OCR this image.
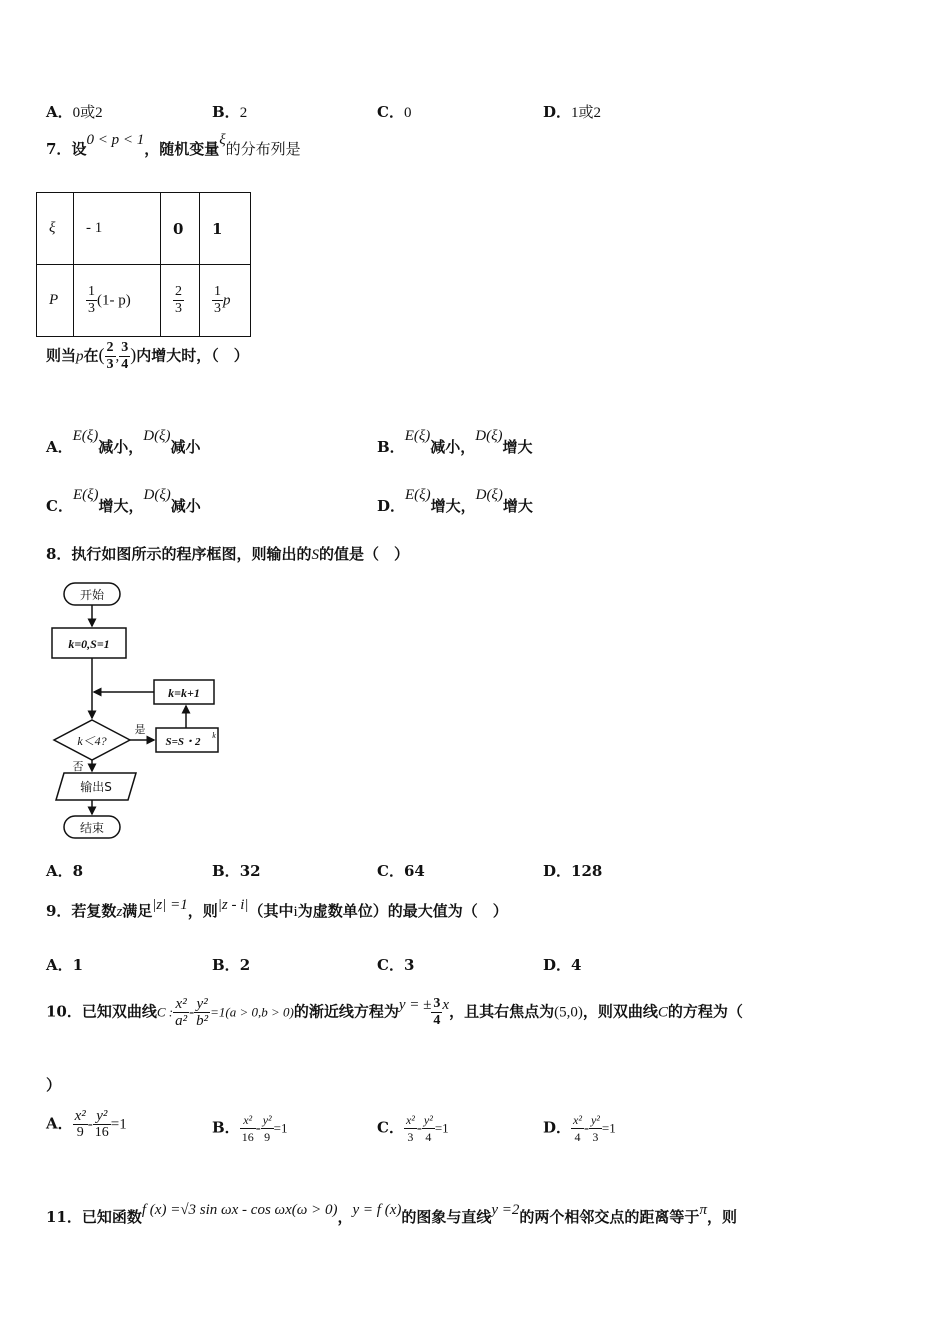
A．0或2	B．2	C．0	D．1或2
7．设0 < p < 1，随机变量ξ的分布列是
ξ	- 1	0	1
P	$\frac{1}{3} (1-$ p)	$\frac{2}{3}$	$\frac{1}{3}$ p
则当p在( $\frac{2}{3}$ , $\frac{3}{4}$ )内增大时，（　）
A．E(ξ)减小，D(ξ)减小	B．E(ξ)减小，D(ξ)增大
C．E(ξ)增大，D(ξ)减小	D．E(ξ)增大，D(ξ)增大
8．执行如图所示的程序框图，则输出的S的值是（　）
开始
k=0,S=1
k＜4?
是
否
S=S・2
k
k=k+1
输出S
结束
A．8	B．32	C．64	D．128
9．若复数z满足|z| =1，则|z - i|（其中i为虚数单位）的最大值为（　）
A．1	B．2	C．3	D．4
10．已知双曲线C : $\frac{\text{x²}}{\text{a²}} - \frac{\text{y²}}{\text{b²}} =1(a > 0,b > 0)$的渐近线方程为y = ± $\frac{3}{4}$ x，且其右焦点为(5,0)，则双曲线C的方程为（
）
A． $\frac{\text{x²}}{9} - \frac{\text{y²}}{16} =1$	B． $\frac{\text{x²}}{16} - \frac{\text{y²}}{9} =1$	C． $\frac{\text{x²}}{3} - \frac{\text{y²}}{4} =1$	D． $\frac{\text{x²}}{4} - \frac{\text{y²}}{3} =1$
11．已知函数f (x) =√3 sin ωx - cos ωx(ω > 0)，y = f (x)的图象与直线y =2的两个相邻交点的距离等于π，则
